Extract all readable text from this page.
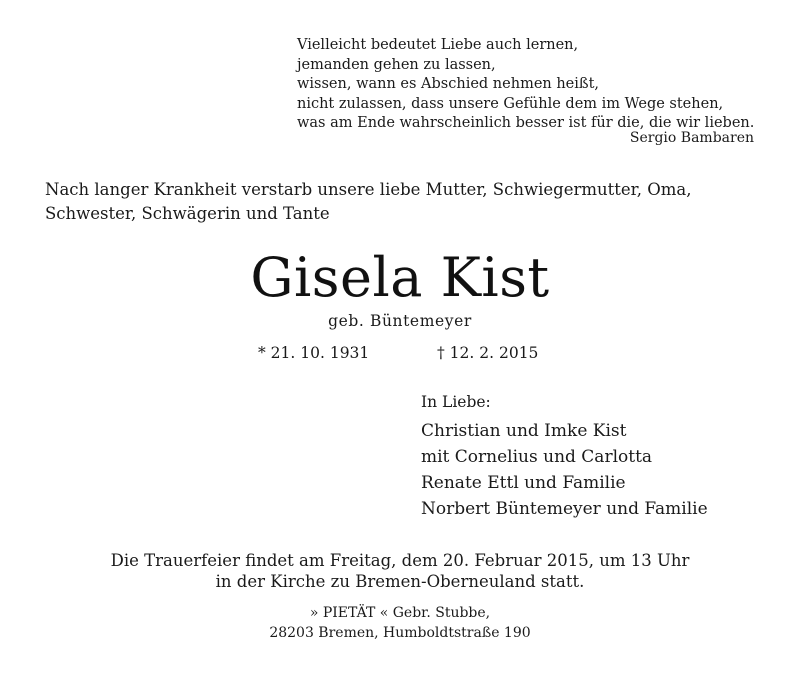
Vielleicht bedeutet Liebe auch lernen,
jemanden gehen zu lassen,
wissen, wann es Abschied nehmen heißt,
nicht zulassen, dass unsere Gefühle dem im Wege stehen,
was am Ende wahrscheinlich besser ist für die, die wir lieben.
Sergio Bambaren
Nach langer Krankheit verstarb unsere liebe Mutter, Schwiegermutter, Oma, Schwester, Schwägerin und Tante
Gisela Kist
geb. Büntemeyer
* 21. 10. 1931	† 12. 2. 2015
In Liebe:
Christian und Imke Kist
mit Cornelius und Carlotta
Renate Ettl und Familie
Norbert Büntemeyer und Familie
Die Trauerfeier findet am Freitag, dem 20. Februar 2015, um 13 Uhr
in der Kirche zu Bremen-Oberneuland statt.
» PIETÄT « Gebr. Stubbe,
28203 Bremen, Humboldtstraße 190
